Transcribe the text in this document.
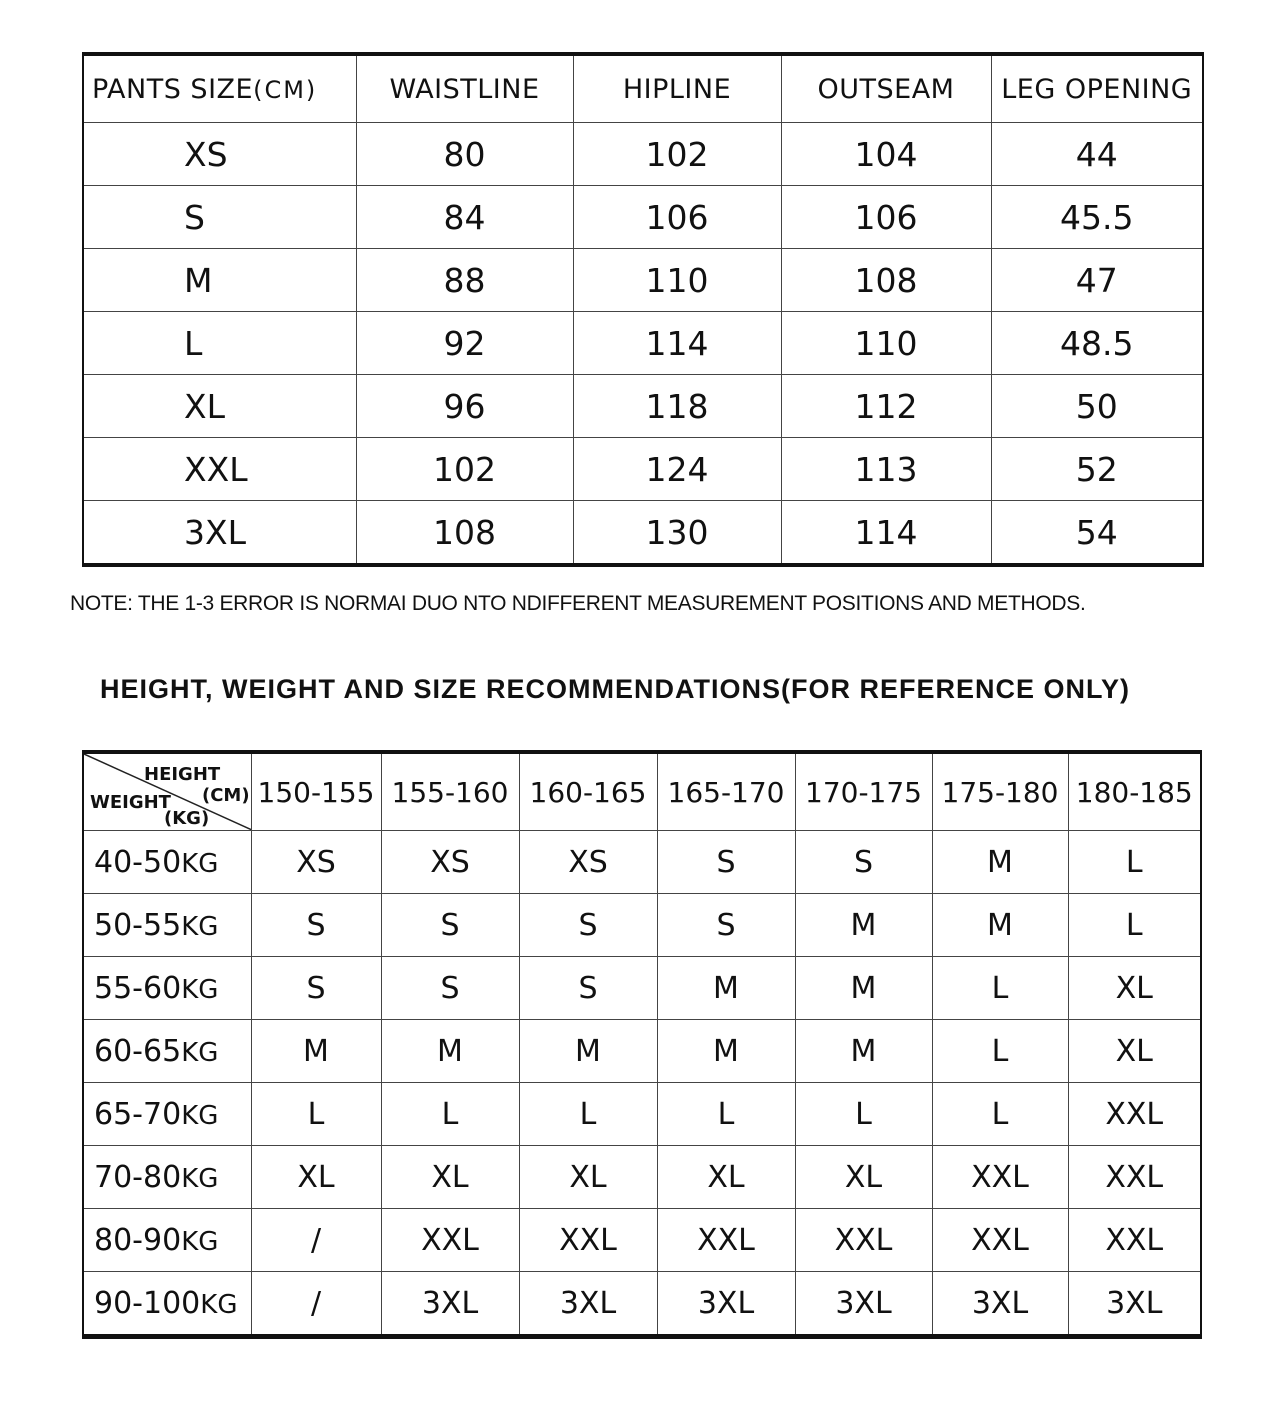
PANTS SIZE(CM)	WAISTLINE	HIPLINE	OUTSEAM	LEG OPENING
XS	80	102	104	44
S	84	106	106	45.5
M	88	110	108	47
L	92	114	110	48.5
XL	96	118	112	50
XXL	102	124	113	52
3XL	108	130	114	54
NOTE: THE 1-3 ERROR IS NORMAI DUO NTO NDIFFERENT MEASUREMENT POSITIONS AND METHODS.
HEIGHT, WEIGHT AND SIZE RECOMMENDATIONS(FOR REFERENCE ONLY)
HEIGHT
(CM)
WEIGHT
(KG)	150-155	155-160	160-165	165-170	170-175	175-180	180-185
40-50KG	XS	XS	XS	S	S	M	L
50-55KG	S	S	S	S	M	M	L
55-60KG	S	S	S	M	M	L	XL
60-65KG	M	M	M	M	M	L	XL
65-70KG	L	L	L	L	L	L	XXL
70-80KG	XL	XL	XL	XL	XL	XXL	XXL
80-90KG	/	XXL	XXL	XXL	XXL	XXL	XXL
90-100KG	/	3XL	3XL	3XL	3XL	3XL	3XL
